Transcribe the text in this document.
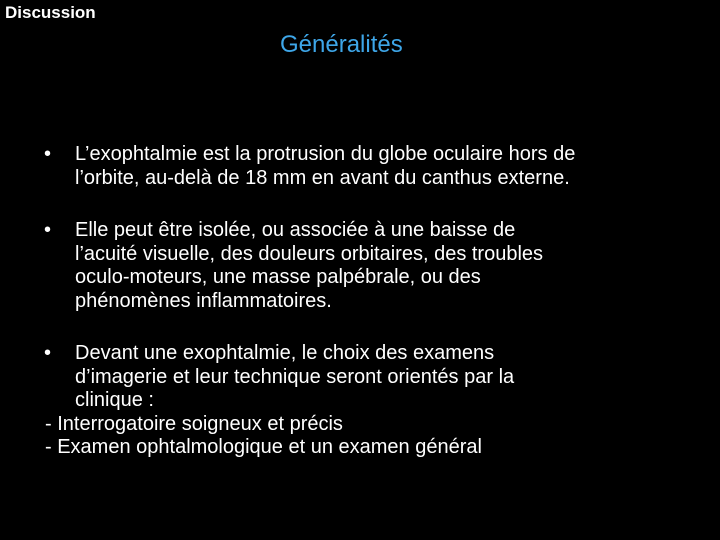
Discussion
Généralités
• L’exophtalmie est la protrusion du globe oculaire hors de
l’orbite, au-delà de 18 mm en avant du canthus externe.
• Elle peut être isolée, ou associée à une baisse de
l’acuité visuelle, des douleurs orbitaires, des troubles
oculo-moteurs, une masse palpébrale, ou des
phénomènes inflammatoires.
• Devant une exophtalmie, le choix des examens
d’imagerie et leur technique seront orientés par la
clinique :
- Interrogatoire soigneux et précis
- Examen ophtalmologique et un examen général
